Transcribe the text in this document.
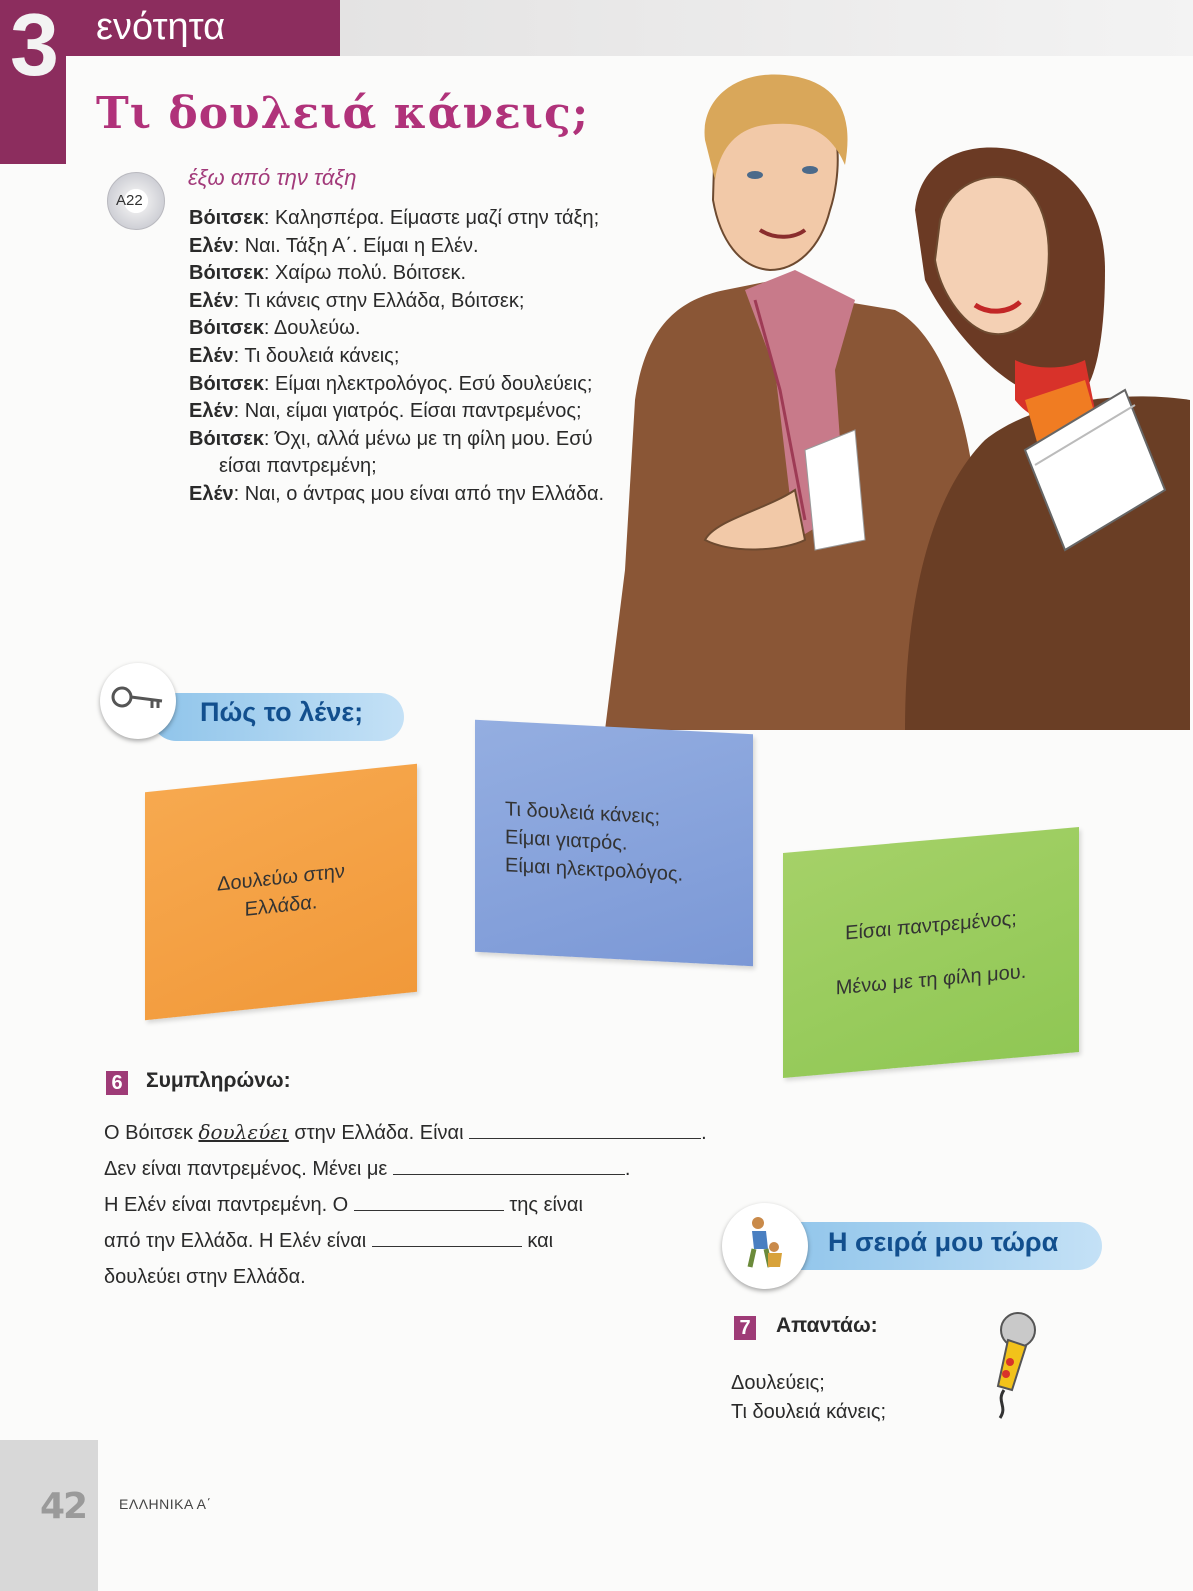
3 ενότητα
Τι δουλειά κάνεις;
A22
έξω από την τάξη
Βόιτσεκ: Καλησπέρα. Είμαστε μαζί στην τάξη;
Ελέν: Ναι. Τάξη Α΄. Είμαι η Ελέν.
Βόιτσεκ: Χαίρω πολύ. Βόιτσεκ.
Ελέν: Τι κάνεις στην Ελλάδα, Βόιτσεκ;
Βόιτσεκ: Δουλεύω.
Ελέν: Τι δουλειά κάνεις;
Βόιτσεκ: Είμαι ηλεκτρολόγος. Εσύ δουλεύεις;
Ελέν: Ναι, είμαι γιατρός. Είσαι παντρεμένος;
Βόιτσεκ: Όχι, αλλά μένω με τη φίλη μου. Εσύ είσαι παντρεμένη;
Ελέν: Ναι, ο άντρας μου είναι από την Ελλάδα.
Πώς το λένε;
Δουλεύω στην
Ελλάδα.
Τι δουλειά κάνεις;
Είμαι γιατρός.
Είμαι ηλεκτρολόγος.
Είσαι παντρεμένος;
Μένω με τη φίλη μου.
6 Συμπληρώνω:
Ο Βόιτσεκ δουλεύει στην Ελλάδα. Είναι	.
Δεν είναι παντρεμένος. Μένει με	.
Η Ελέν είναι παντρεμένη. Ο	της είναι
από την Ελλάδα. Η Ελέν είναι	και
δουλεύει στην Ελλάδα.
Η σειρά μου τώρα
7 Απαντάω:
Δουλεύεις;
Τι δουλειά κάνεις;
42 ΕΛΛΗΝΙΚΑ Α΄
